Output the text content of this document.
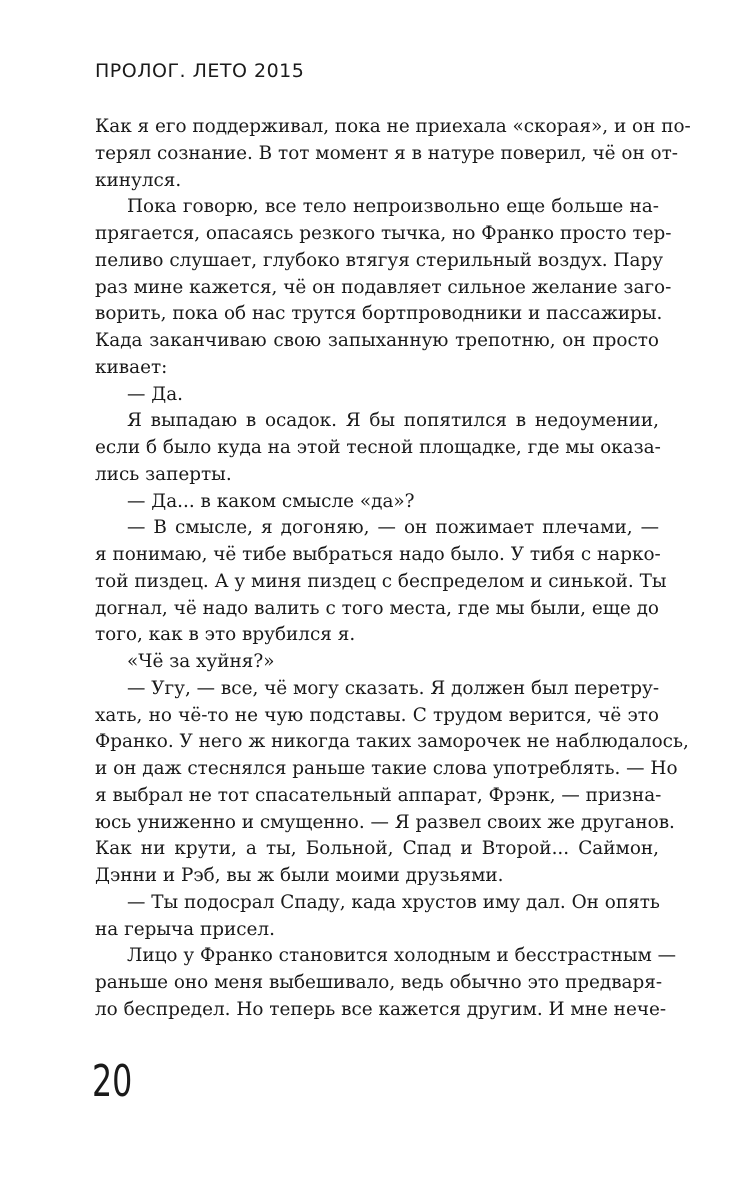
ПРОЛОГ. ЛЕТО 2015
Как я его поддерживал, пока не приехала «скорая», и он по-
терял сознание. В тот момент я в натуре поверил, чё он от-
кинулся.
Пока говорю, все тело непроизвольно еще больше на-
прягается, опасаясь резкого тычка, но Франко просто тер-
пеливо слушает, глубоко втягуя стерильный воздух. Пару
раз мине кажется, чё он подавляет сильное желание заго-
ворить, пока об нас трутся бортпроводники и пассажиры.
Када заканчиваю свою запыханную трепотню, он просто
кивает:
— Да.
Я выпадаю в осадок. Я бы попятился в недоумении,
если б было куда на этой тесной площадке, где мы оказа-
лись заперты.
— Да... в каком смысле «да»?
— В смысле, я догоняю, — он пожимает плечами, —
я понимаю, чё тибе выбраться надо было. У тибя с нарко-
той пиздец. А у миня пиздец с беспределом и синькой. Ты
догнал, чё надо валить с того места, где мы были, еще до
того, как в это врубился я.
«Чё за хуйня?»
— Угу, — все, чё могу сказать. Я должен был перетру-
хать, но чё-то не чую подставы. С трудом верится, чё это
Франко. У него ж никогда таких заморочек не наблюдалось,
и он даж стеснялся раньше такие слова употреблять. — Но
я выбрал не тот спасательный аппарат, Фрэнк, — призна-
юсь униженно и смущенно. — Я развел своих же друганов.
Как ни крути, а ты, Больной, Спад и Второй... Саймон,
Дэнни и Рэб, вы ж были моими друзьями.
— Ты подосрал Спаду, када хрустов иму дал. Он опять
на герыча присел.
Лицо у Франко становится холодным и бесстрастным —
раньше оно меня выбешивало, ведь обычно это предваря-
ло беспредел. Но теперь все кажется другим. И мне нече-
20
